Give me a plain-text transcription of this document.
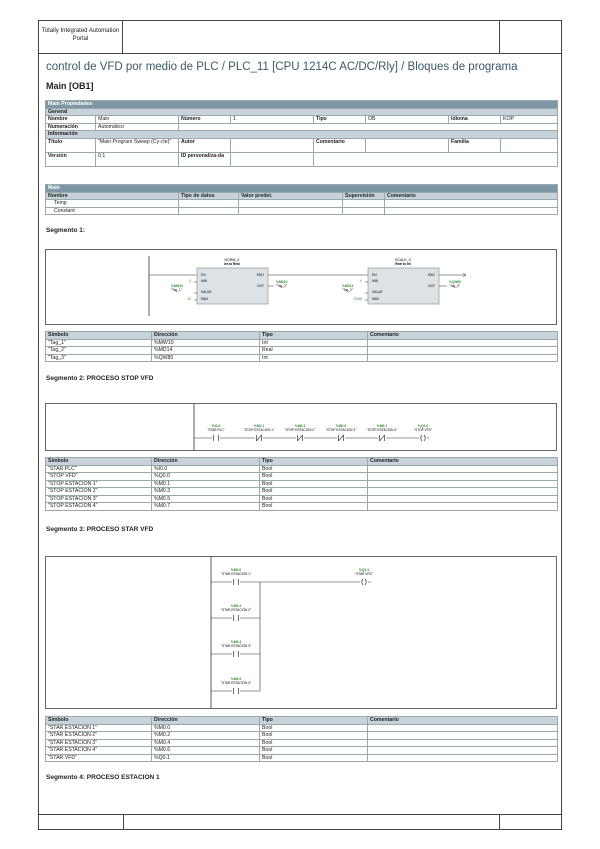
Totally Integrated Automation Portal
control de VFD por medio de PLC / PLC_11 [CPU 1214C AC/DC/Rly] / Bloques de programa
Main [OB1]
Main Propiedades							
General							
Nombre	Main	Número	1	Tipo	OB	Idioma	KOP
Numeración	Automático						
Información							
Título	"Main Program Sweep (Cy-cle)"	Autor		Comentario		Familia	
Versión	0.1	ID personaliza-da					
Main				
Nombre	Tipo de datos	Valor predet.	Supervisión	Comentario
Temp				
Constant				
Segmento 1:
NORM_X
Int to Real
EN	ENO
0	MIN
%MW10
"Tag_1"	VALUE
20	MAX
OUT
%MD14
"Tag_2"
SCALE_X
Real to Int
EN	ENO
0	MIN
%MD14
"Tag_2"	VALUE
27648	MAX
OUT
%QW80
"Tag_3"
Símbolo	Dirección	Tipo	Comentario
"Tag_1"	%MW10	Int	
"Tag_2"	%MD14	Real	
"Tag_3"	%QW80	Int	
Segmento 2: PROCESO STOP VFD
%I0.0
"STAR PLC"
%M0.1
"STOP ESTACION 1"
%M0.3
"STOP ESTACION 2"
%M0.5
"STOP ESTACION 3"
%M0.7
"STOP ESTACION 4"
%Q0.0
"STOP VFD"
Símbolo	Dirección	Tipo	Comentario
"STAR PLC"	%I0.0	Bool	
"STOP VFD"	%Q0.0	Bool	
"STOP ESTACION 1"	%M0.1	Bool	
"STOP ESTACION 2"	%M0.3	Bool	
"STOP ESTACION 3"	%M0.5	Bool	
"STOP ESTACION 4"	%M0.7	Bool	
Segmento 3: PROCESO STAR VFD
%M0.0
"STAR ESTACION 1"
%M0.2
"STAR ESTACION 2"
%M0.4
"STAR ESTACION 3"
%M0.6
"STAR ESTACION 4"
%Q0.1
"STAR VFD"
Símbolo	Dirección	Tipo	Comentario
"STAR ESTACION 1"	%M0.0	Bool	
"STAR ESTACION 2"	%M0.2	Bool	
"STAR ESTACION 3"	%M0.4	Bool	
"STAR ESTACION 4"	%M0.6	Bool	
"STAR VFD"	%Q0.1	Bool	
Segmento 4: PROCESO ESTACION 1
